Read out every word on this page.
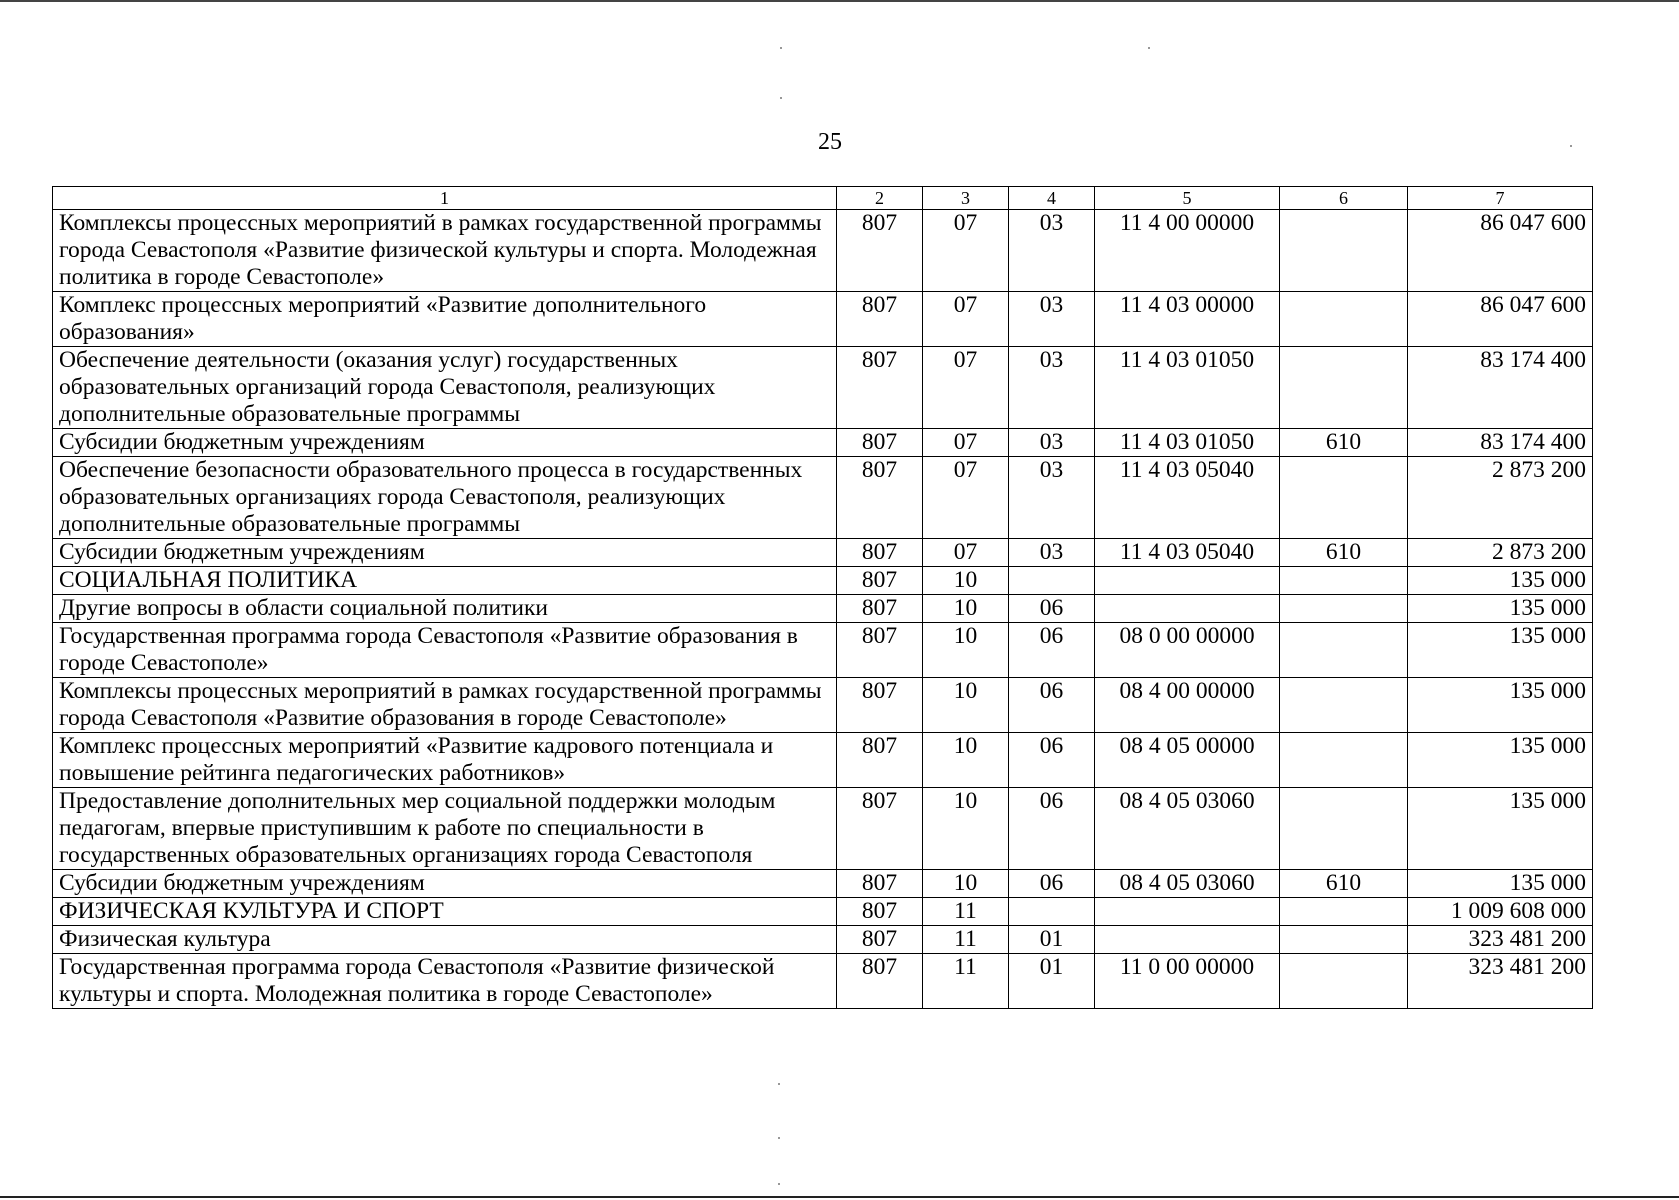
25
1	2	3	4	5	6	7
Комплексы процессных мероприятий в рамках государственной программы города Севастополя «Развитие физической культуры и спорта. Молодежная политика в городе Севастополе»	807	07	03	11 4 00 00000		86 047 600
Комплекс процессных мероприятий «Развитие дополнительного образования»	807	07	03	11 4 03 00000		86 047 600
Обеспечение деятельности (оказания услуг) государственных образовательных организаций города Севастополя, реализующих дополнительные образовательные программы	807	07	03	11 4 03 01050		83 174 400
Субсидии бюджетным учреждениям	807	07	03	11 4 03 01050	610	83 174 400
Обеспечение безопасности образовательного процесса в государственных образовательных организациях города Севастополя, реализующих дополнительные образовательные программы	807	07	03	11 4 03 05040		2 873 200
Субсидии бюджетным учреждениям	807	07	03	11 4 03 05040	610	2 873 200
СОЦИАЛЬНАЯ ПОЛИТИКА	807	10				135 000
Другие вопросы в области социальной политики	807	10	06			135 000
Государственная программа города Севастополя «Развитие образования в городе Севастополе»	807	10	06	08 0 00 00000		135 000
Комплексы процессных мероприятий в рамках государственной программы города Севастополя «Развитие образования в городе Севастополе»	807	10	06	08 4 00 00000		135 000
Комплекс процессных мероприятий «Развитие кадрового потенциала и повышение рейтинга педагогических работников»	807	10	06	08 4 05 00000		135 000
Предоставление дополнительных мер социальной поддержки молодым педагогам, впервые приступившим к работе по специальности в государственных образовательных организациях города Севастополя	807	10	06	08 4 05 03060		135 000
Субсидии бюджетным учреждениям	807	10	06	08 4 05 03060	610	135 000
ФИЗИЧЕСКАЯ КУЛЬТУРА И СПОРТ	807	11				1 009 608 000
Физическая культура	807	11	01			323 481 200
Государственная программа города Севастополя «Развитие физической культуры и спорта. Молодежная политика в городе Севастополе»	807	11	01	11 0 00 00000		323 481 200
